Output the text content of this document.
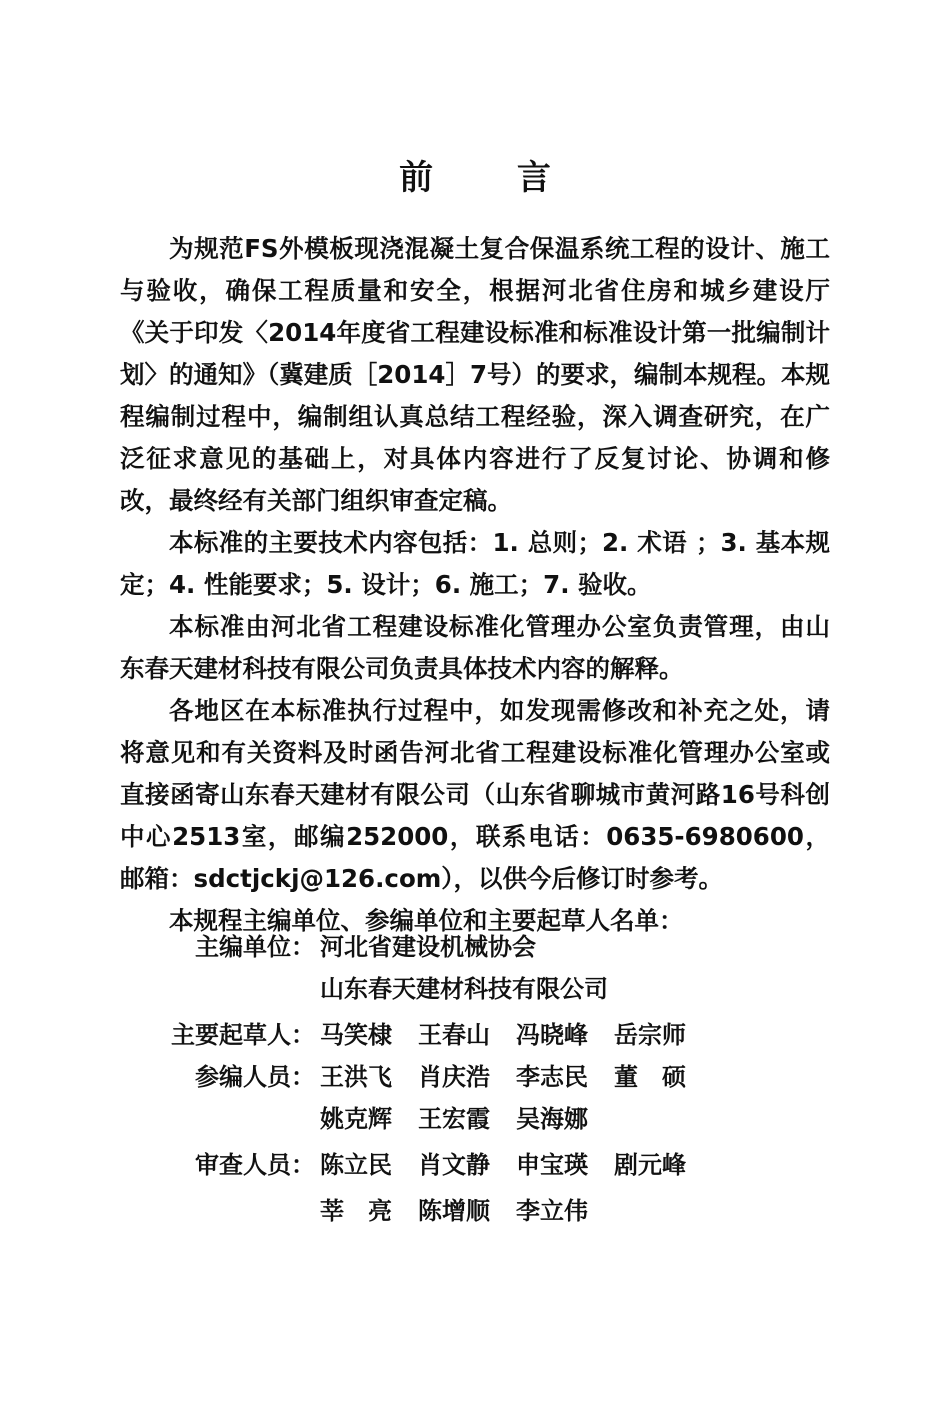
前 言

为规范FS外模板现浇混凝土复合保温系统工程的设计、施工与验收，确保工程质量和安全，根据河北省住房和城乡建设厅《关于印发〈2014年度省工程建设标准和标准设计第一批编制计划〉的通知》（冀建质［2014］7号）的要求，编制本规程。本规程编制过程中，编制组认真总结工程经验，深入调查研究，在广泛征求意见的基础上，对具体内容进行了反复讨论、协调和修改，最终经有关部门组织审查定稿。

本标准的主要技术内容包括：1. 总则；2. 术语 ；3. 基本规定；4. 性能要求；5. 设计；6. 施工；7. 验收。

本标准由河北省工程建设标准化管理办公室负责管理，由山东春天建材科技有限公司负责具体技术内容的解释。

各地区在本标准执行过程中，如发现需修改和补充之处，请将意见和有关资料及时函告河北省工程建设标准化管理办公室或直接函寄山东春天建材有限公司（山东省聊城市黄河路16号科创中心2513室，邮编252000，联系电话：0635-6980600，邮箱：sdctjckj@126.com），以供今后修订时参考。

本规程主编单位、参编单位和主要起草人名单：

主编单位： 河北省建设机械协会
山东春天建材科技有限公司
主要起草人： 马笑棣 王春山 冯晓峰 岳宗师
参编人员： 王洪飞 肖庆浩 李志民 董　硕
姚克辉 王宏霞 吴海娜
审查人员： 陈立民 肖文静 申宝瑛 剧元峰
莘　亮 陈增顺 李立伟
